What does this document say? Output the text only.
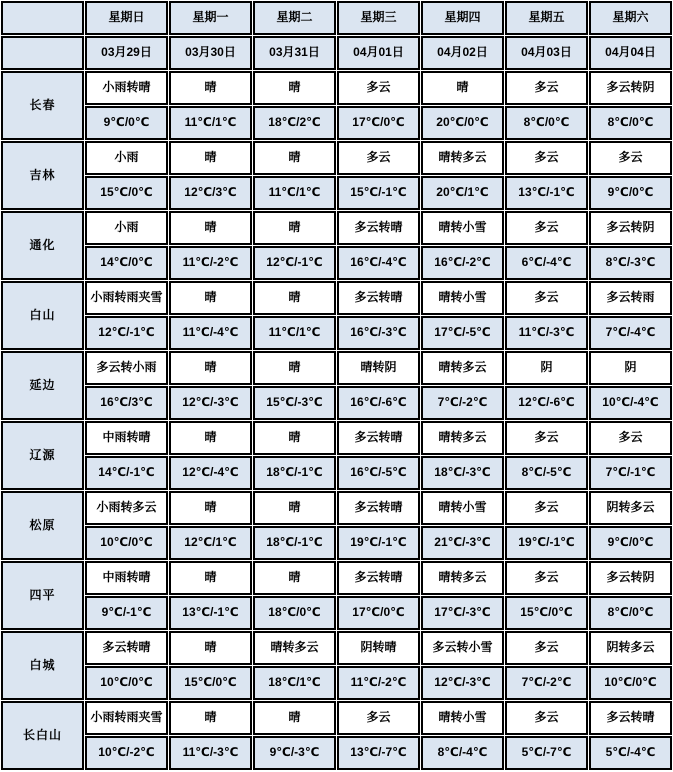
	星期日	星期一	星期二	星期三	星期四	星期五	星期六
	03月29日	03月30日	03月31日	04月01日	04月02日	04月03日	04月04日
长春	小雨转晴	晴	晴	多云	晴	多云	多云转阴
	9℃/0℃	11℃/1℃	18℃/2℃	17℃/0℃	20℃/0℃	8℃/0℃	8℃/0℃
吉林	小雨	晴	晴	多云	晴转多云	多云	多云
	15℃/0℃	12℃/3℃	11℃/1℃	15℃/-1℃	20℃/1℃	13℃/-1℃	9℃/0℃
通化	小雨	晴	晴	多云转晴	晴转小雪	多云	多云转阴
	14℃/0℃	11℃/-2℃	12℃/-1℃	16℃/-4℃	16℃/-2℃	6℃/-4℃	8℃/-3℃
白山	小雨转雨夹雪	晴	晴	多云转晴	晴转小雪	多云	多云转雨
	12℃/-1℃	11℃/-4℃	11℃/1℃	16℃/-3℃	17℃/-5℃	11℃/-3℃	7℃/-4℃
延边	多云转小雨	晴	晴	晴转阴	晴转多云	阴	阴
	16℃/3℃	12℃/-3℃	15℃/-3℃	16℃/-6℃	7℃/-2℃	12℃/-6℃	10℃/-4℃
辽源	中雨转晴	晴	晴	多云转晴	晴转多云	多云	多云
	14℃/-1℃	12℃/-4℃	18℃/-1℃	16℃/-5℃	18℃/-3℃	8℃/-5℃	7℃/-1℃
松原	小雨转多云	晴	晴	多云转晴	晴转小雪	多云	阴转多云
	10℃/0℃	12℃/1℃	18℃/-1℃	19℃/-1℃	21℃/-3℃	19℃/-1℃	9℃/0℃
四平	中雨转晴	晴	晴	多云转晴	晴转多云	多云	多云转阴
	9℃/-1℃	13℃/-1℃	18℃/0℃	17℃/0℃	17℃/-3℃	15℃/0℃	8℃/0℃
白城	多云转晴	晴	晴转多云	阴转晴	多云转小雪	多云	阴转多云
	10℃/0℃	15℃/0℃	18℃/1℃	11℃/-2℃	12℃/-3℃	7℃/-2℃	10℃/0℃
长白山	小雨转雨夹雪	晴	晴	多云	晴转小雪	多云	多云转晴
	10℃/-2℃	11℃/-3℃	9℃/-3℃	13℃/-7℃	8℃/-4℃	5℃/-7℃	5℃/-4℃
